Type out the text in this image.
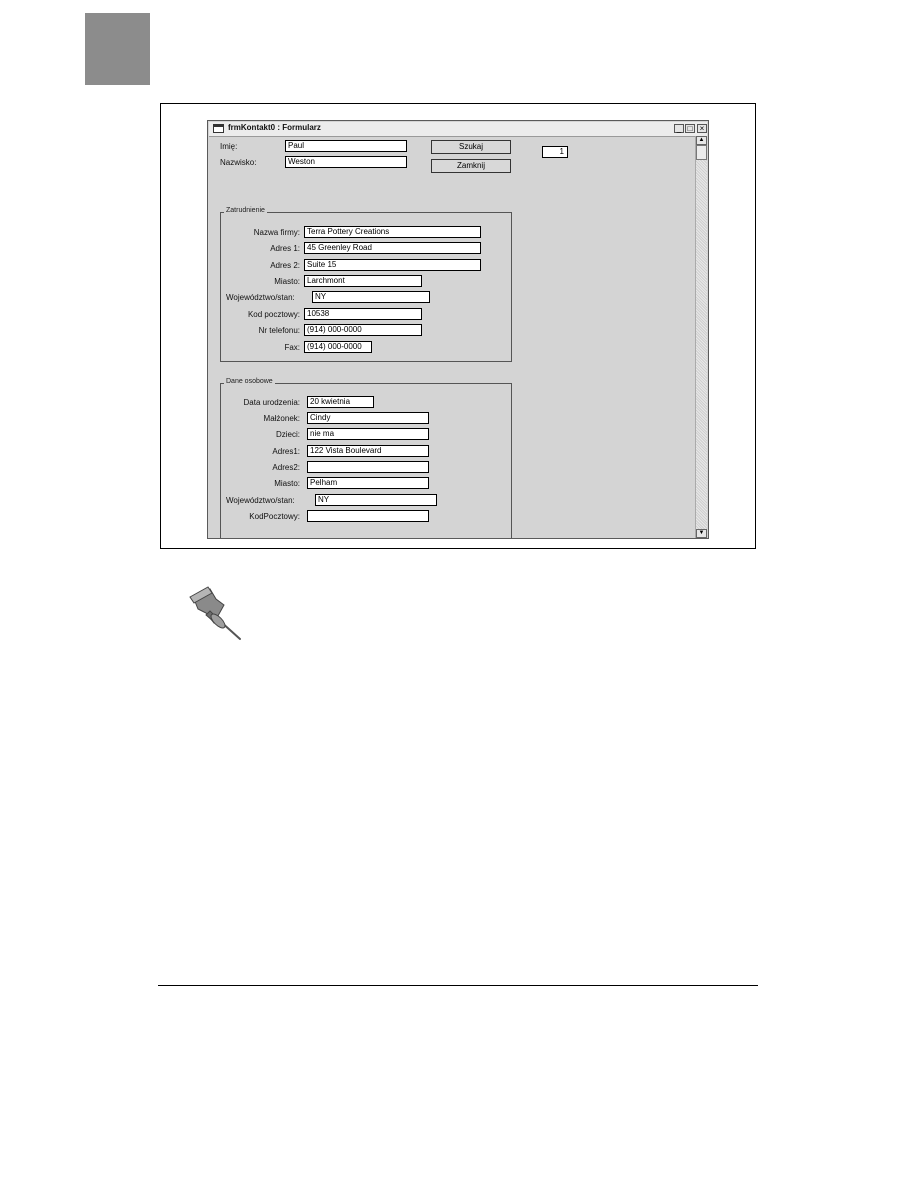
frmKontakt0 : Formularz	_ □ ×
Imię:	Paul
Nazwisko:	Weston
Szukaj
Zamknij
1
Zatrudnienie
Nazwa firmy: Terra Pottery Creations
Adres 1: 45 Greenley Road
Adres 2: Suite 15
Miasto: Larchmont
Województwo/stan:	NY
Kod pocztowy: 10538
Nr telefonu: (914) 000-0000
Fax: (914) 000-0000
Dane osobowe
Data urodzenia:	20 kwietnia
Małżonek:	Cindy
Dzieci:	nie ma
Adres1:	122 Vista Boulevard
Adres2:
Miasto:	Pelham
Województwo/stan:	NY
KodPocztowy:
▲
▼
